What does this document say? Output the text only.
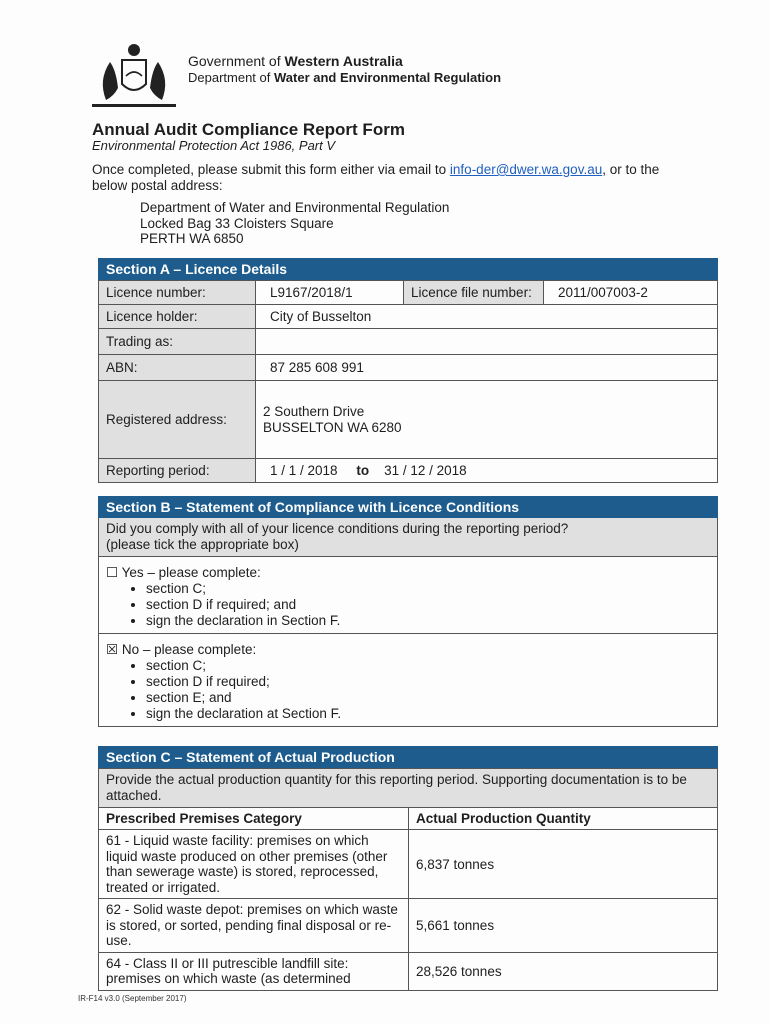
Government of Western Australia
Department of Water and Environmental Regulation
Annual Audit Compliance Report Form
Environmental Protection Act 1986, Part V
Once completed, please submit this form either via email to info-der@dwer.wa.gov.au, or to the below postal address:
Department of Water and Environmental Regulation
Locked Bag 33 Cloisters Square
PERTH WA 6850
Section A – Licence Details
Licence number:	L9167/2018/1	Licence file number:	2011/007003-2
Licence holder:	City of Busselton		
Trading as:			
ABN:	87 285 608 991		
Registered address:	2 Southern Drive
BUSSELTON WA 6280		

Reporting period:	1 / 1 / 2018 to 31 / 12 / 2018		
Section B – Statement of Compliance with Licence Conditions
Did you comply with all of your licence conditions during the reporting period?
(please tick the appropriate box)
☐ Yes – please complete:
• section C;
• section D if required; and
• sign the declaration in Section F.
☒ No – please complete:
• section C;
• section D if required;
• section E; and
• sign the declaration at Section F.
Section C – Statement of Actual Production
Provide the actual production quantity for this reporting period. Supporting documentation is to be attached.	
Prescribed Premises Category	Actual Production Quantity
61 - Liquid waste facility: premises on which liquid waste produced on other premises (other than sewerage waste) is stored, reprocessed, treated or irrigated.	6,837 tonnes
62 - Solid waste depot: premises on which waste is stored, or sorted, pending final disposal or re-use.	5,661 tonnes
64 - Class II or III putrescible landfill site: premises on which waste (as determined	28,526 tonnes
IR-F14 v3.0 (September 2017)
